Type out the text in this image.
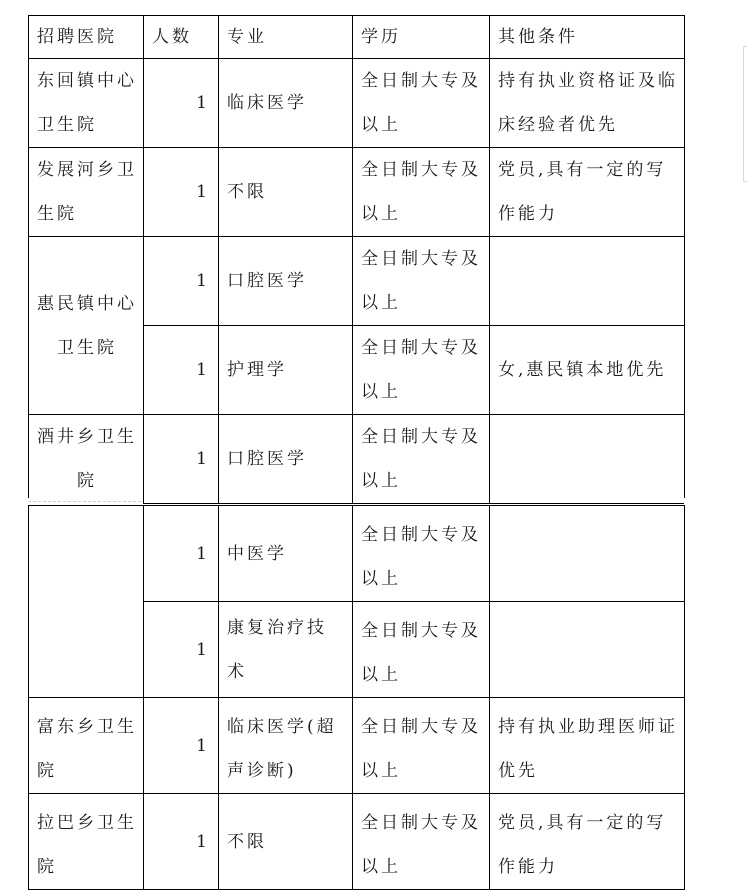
招聘医院	人数	专业	学历	其他条件
东回镇中心卫生院	1	临床医学	全日制大专及以上	持有执业资格证及临床经验者优先
发展河乡卫生院	1	不限	全日制大专及以上	党员,具有一定的写作能力
惠民镇中心卫生院	1	口腔医学	全日制大专及以上	
	1	护理学	全日制大专及以上	女,惠民镇本地优先
酒井乡卫生院	1	口腔医学	全日制大专及以上	
	1	中医学	全日制大专及以上	
	1	康复治疗技术	全日制大专及以上	
富东乡卫生院	1	临床医学(超声诊断)	全日制大专及以上	持有执业助理医师证优先
拉巴乡卫生院	1	不限	全日制大专及以上	党员,具有一定的写作能力
